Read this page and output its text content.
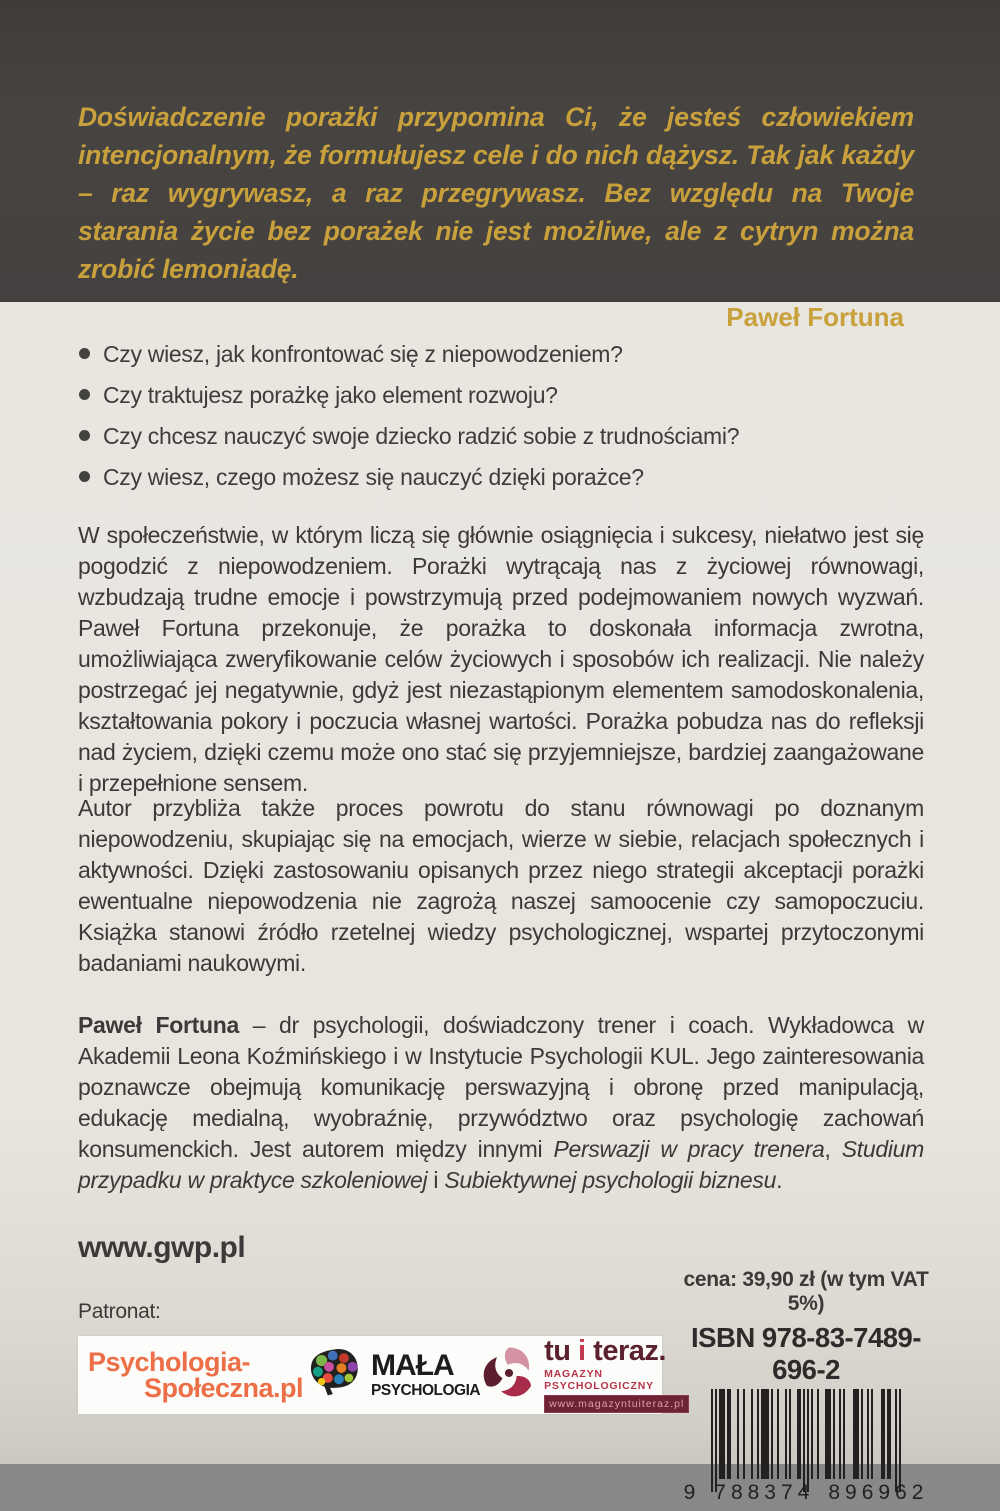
Doświadczenie porażki przypomina Ci, że jesteś człowiekiem intencjonalnym, że formułujesz cele i do nich dążysz. Tak jak każdy – raz wygrywasz, a raz przegrywasz. Bez względu na Twoje starania życie bez porażek nie jest możliwe, ale z cytryn można zrobić lemoniadę.

Paweł Fortuna

Czy wiesz, jak konfrontować się z niepowodzeniem?
Czy traktujesz porażkę jako element rozwoju?
Czy chcesz nauczyć swoje dziecko radzić sobie z trudnościami?
Czy wiesz, czego możesz się nauczyć dzięki porażce?

W społeczeństwie, w którym liczą się głównie osiągnięcia i sukcesy, niełatwo jest się pogodzić z niepowodzeniem. Porażki wytrącają nas z życiowej równowagi, wzbudzają trudne emocje i powstrzymują przed podejmowaniem nowych wyzwań. Paweł Fortuna przekonuje, że porażka to doskonała informacja zwrotna, umożliwiająca zweryfikowanie celów życiowych i sposobów ich realizacji. Nie należy postrzegać jej negatywnie, gdyż jest niezastąpionym elementem samodoskonalenia, kształtowania pokory i poczucia własnej wartości. Porażka pobudza nas do refleksji nad życiem, dzięki czemu może ono stać się przyjemniejsze, bardziej zaangażowane i przepełnione sensem.

Autor przybliża także proces powrotu do stanu równowagi po doznanym niepowodzeniu, skupiając się na emocjach, wierze w siebie, relacjach społecznych i aktywności. Dzięki zastosowaniu opisanych przez niego strategii akceptacji porażki ewentualne niepowodzenia nie zagrożą naszej samoocenie czy samopoczuciu. Książka stanowi źródło rzetelnej wiedzy psychologicznej, wspartej przytoczonymi badaniami naukowymi.

Paweł Fortuna – dr psychologii, doświadczony trener i coach. Wykładowca w Akademii Leona Koźmińskiego i w Instytucie Psychologii KUL. Jego zainteresowania poznawcze obejmują komunikację perswazyjną i obronę przed manipulacją, edukację medialną, wyobraźnię, przywództwo oraz psychologię zachowań konsumenckich. Jest autorem między innymi Perswazji w pracy trenera, Studium przypadku w praktyce szkoleniowej i Subiektywnej psychologii biznesu.

www.gwp.pl

Patronat:

Psychologia-
Społeczna.pl
MAŁA
PSYCHOLOGIA
tu i teraz.
MAGAZYN PSYCHOLOGICZNY
www.magazyntuiteraz.pl

cena: 39,90 zł (w tym VAT 5%)

ISBN 978-83-7489-696-2

9 788374 896962
